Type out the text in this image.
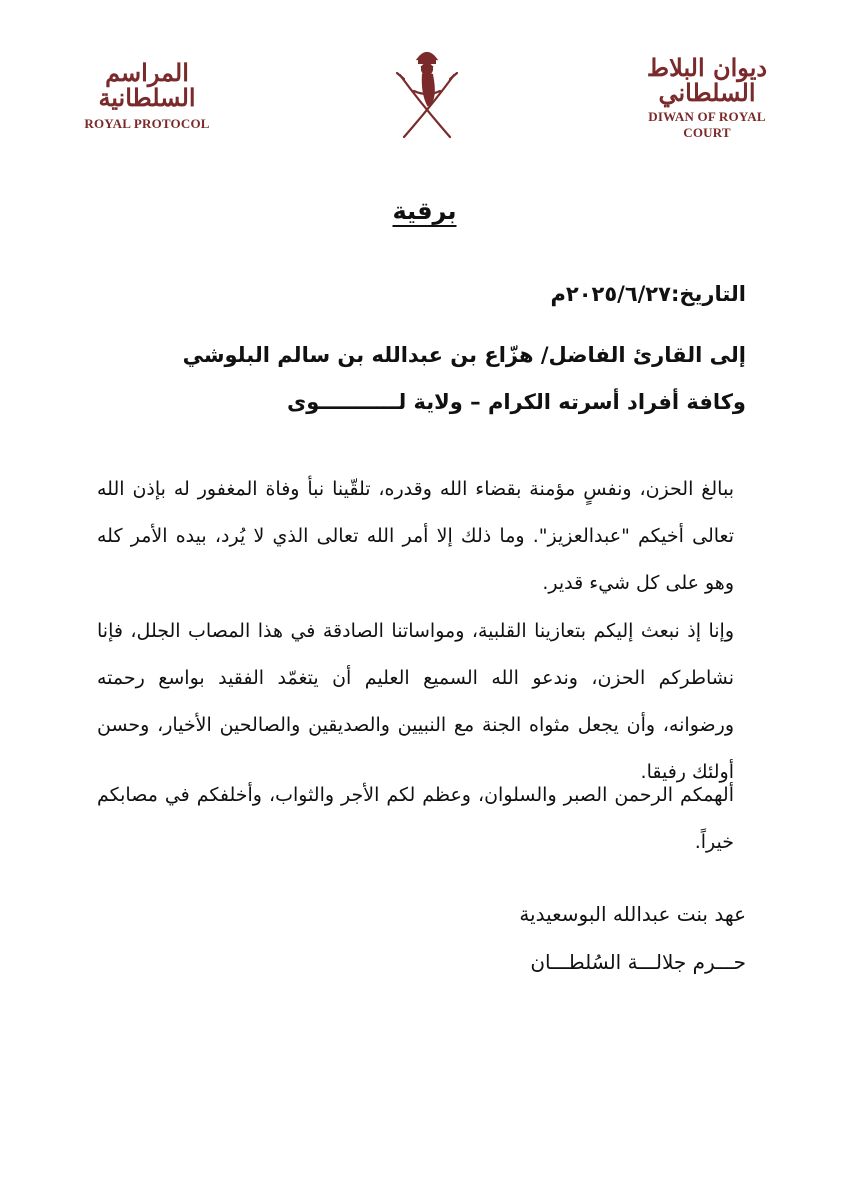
ديوان البلاط السلطاني
DIWAN OF ROYAL COURT
المراسم السلطانية
ROYAL PROTOCOL
برقية
التاريخ:٢٠٢٥/٦/٢٧م
إلى القارئ الفاضل/ هزّاع بن عبدالله بن سالم البلوشي
وكافة أفراد أسرته الكرام – ولاية لـــــــــــوى

ببالغ الحزن، ونفسٍ مؤمنة بقضاء الله وقدره، تلقّينا نبأ وفاة المغفور له بإذن الله تعالى أخيكم "عبدالعزيز". وما ذلك إلا أمر الله تعالى الذي لا يُرد، بيده الأمر كله وهو على كل شيء قدير.

وإنا إذ نبعث إليكم بتعازينا القلبية، ومواساتنا الصادقة في هذا المصاب الجلل، فإنا نشاطركم الحزن، وندعو الله السميع العليم أن يتغمّد الفقيد بواسع رحمته ورضوانه، وأن يجعل مثواه الجنة مع النبيين والصديقين والصالحين الأخيار، وحسن أولئك رفيقا.

ألهمكم الرحمن الصبر والسلوان، وعظم لكم الأجر والثواب، وأخلفكم في مصابكم خيراً.

عهد بنت عبدالله البوسعيدية
حـــرم جلالـــة السُلطـــان
